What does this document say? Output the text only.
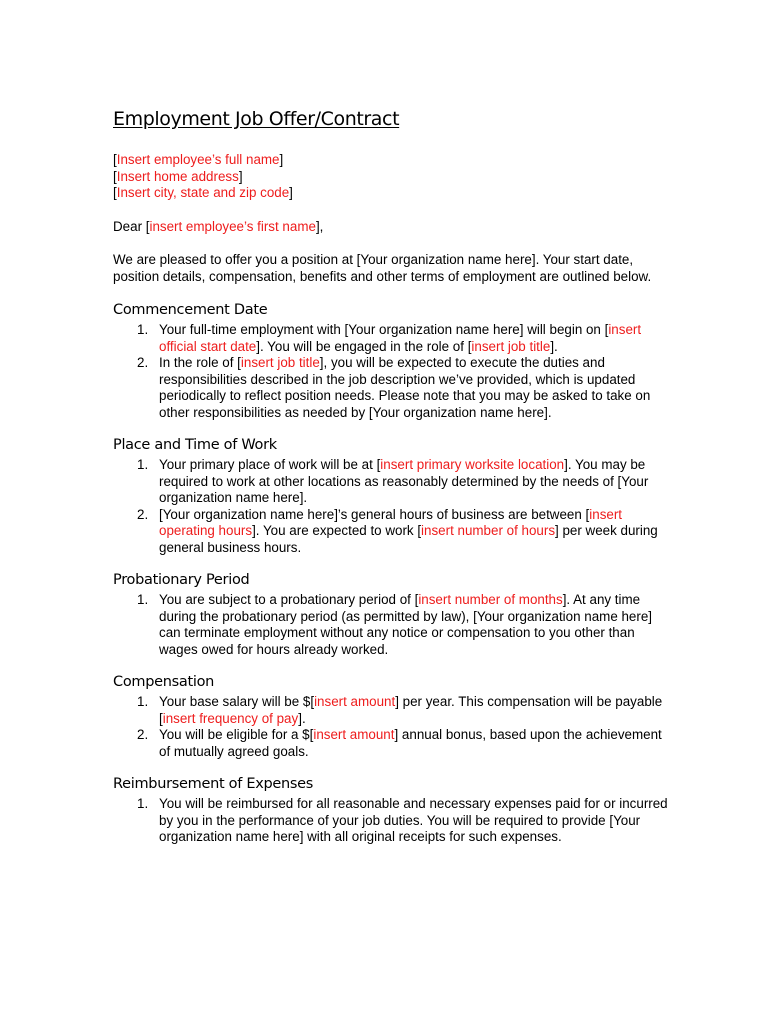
Employment Job Offer/Contract

[Insert employee’s full name]

[Insert home address]

[Insert city, state and zip code]

Dear [insert employee’s first name],

We are pleased to offer you a position at [Your organization name here]. Your start date, position details, compensation, benefits and other terms of employment are outlined below.

Commencement Date
1. Your full-time employment with [Your organization name here] will begin on [insert official start date]. You will be engaged in the role of [insert job title].
2. In the role of [insert job title], you will be expected to execute the duties and responsibilities described in the job description we’ve provided, which is updated periodically to reflect position needs. Please note that you may be asked to take on other responsibilities as needed by [Your organization name here].
Place and Time of Work
1. Your primary place of work will be at [insert primary worksite location]. You may be required to work at other locations as reasonably determined by the needs of [Your organization name here].
2. [Your organization name here]’s general hours of business are between [insert operating hours]. You are expected to work [insert number of hours] per week during general business hours.
Probationary Period
1. You are subject to a probationary period of [insert number of months]. At any time during the probationary period (as permitted by law), [Your organization name here] can terminate employment without any notice or compensation to you other than wages owed for hours already worked.
Compensation
1. Your base salary will be $[insert amount] per year. This compensation will be payable [insert frequency of pay].
2. You will be eligible for a $[insert amount] annual bonus, based upon the achievement of mutually agreed goals.
Reimbursement of Expenses
1. You will be reimbursed for all reasonable and necessary expenses paid for or incurred by you in the performance of your job duties. You will be required to provide [Your organization name here] with all original receipts for such expenses.
